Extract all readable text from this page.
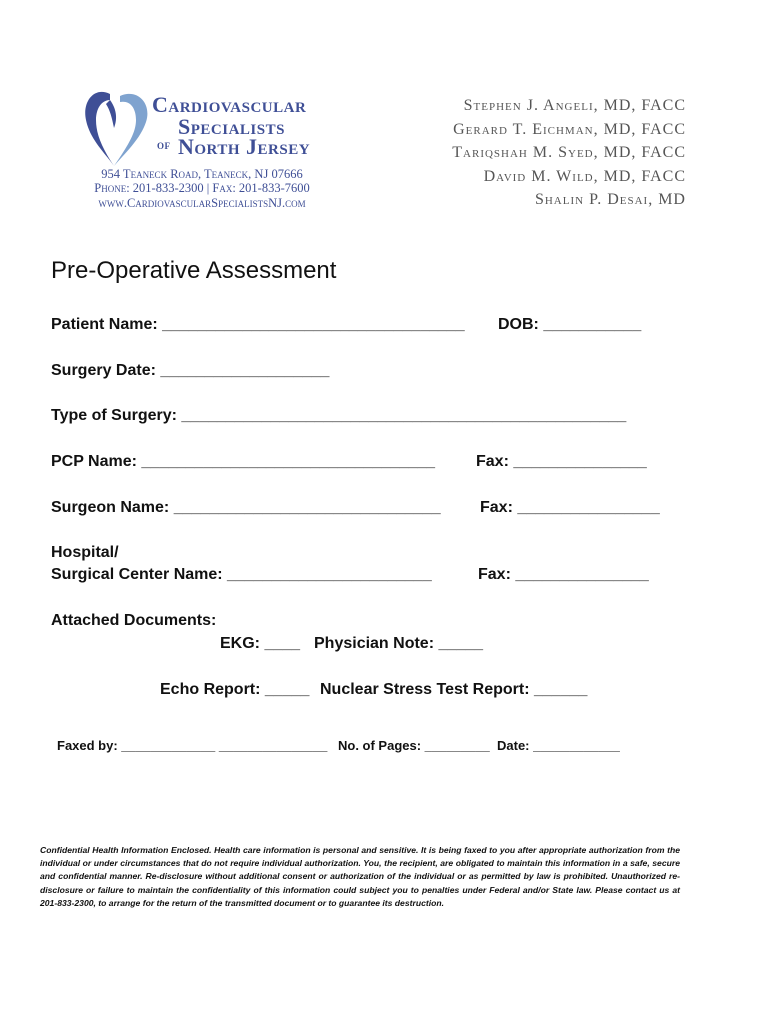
Cardiovascular
Specialists
of North Jersey
954 Teaneck Road, Teaneck, NJ 07666
Phone: 201-833-2300 | Fax: 201-833-7600
www.CardiovascularSpecialistsNJ.com
Stephen J. Angeli, MD, FACC
Gerard T. Eichman, MD, FACC
Tariqshah M. Syed, MD, FACC
David M. Wild, MD, FACC
Shalin P. Desai, MD
Pre-Operative Assessment
Patient Name: __________________________________ DOB: ___________
Surgery Date: ___________________
Type of Surgery: __________________________________________________
PCP Name: _________________________________	Fax: _______________
Surgeon Name: ______________________________ Fax: ________________
Hospital/
Surgical Center Name: _______________________	Fax: _______________
Attached Documents:
EKG: ____ Physician Note: _____
Echo Report: _____ Nuclear Stress Test Report: ______
Faxed by: _____________ _______________ No. of Pages: _________ Date: ____________
Confidential Health Information Enclosed. Health care information is personal and sensitive. It is being faxed to you after appropriate authorization from the individual or under circumstances that do not require individual authorization. You, the recipient, are obligated to maintain this information in a safe, secure and confidential manner. Re-disclosure without additional consent or authorization of the individual or as permitted by law is prohibited. Unauthorized re-disclosure or failure to maintain the confidentiality of this information could subject you to penalties under Federal and/or State law. Please contact us at 201-833-2300, to arrange for the return of the transmitted document or to guarantee its destruction.
